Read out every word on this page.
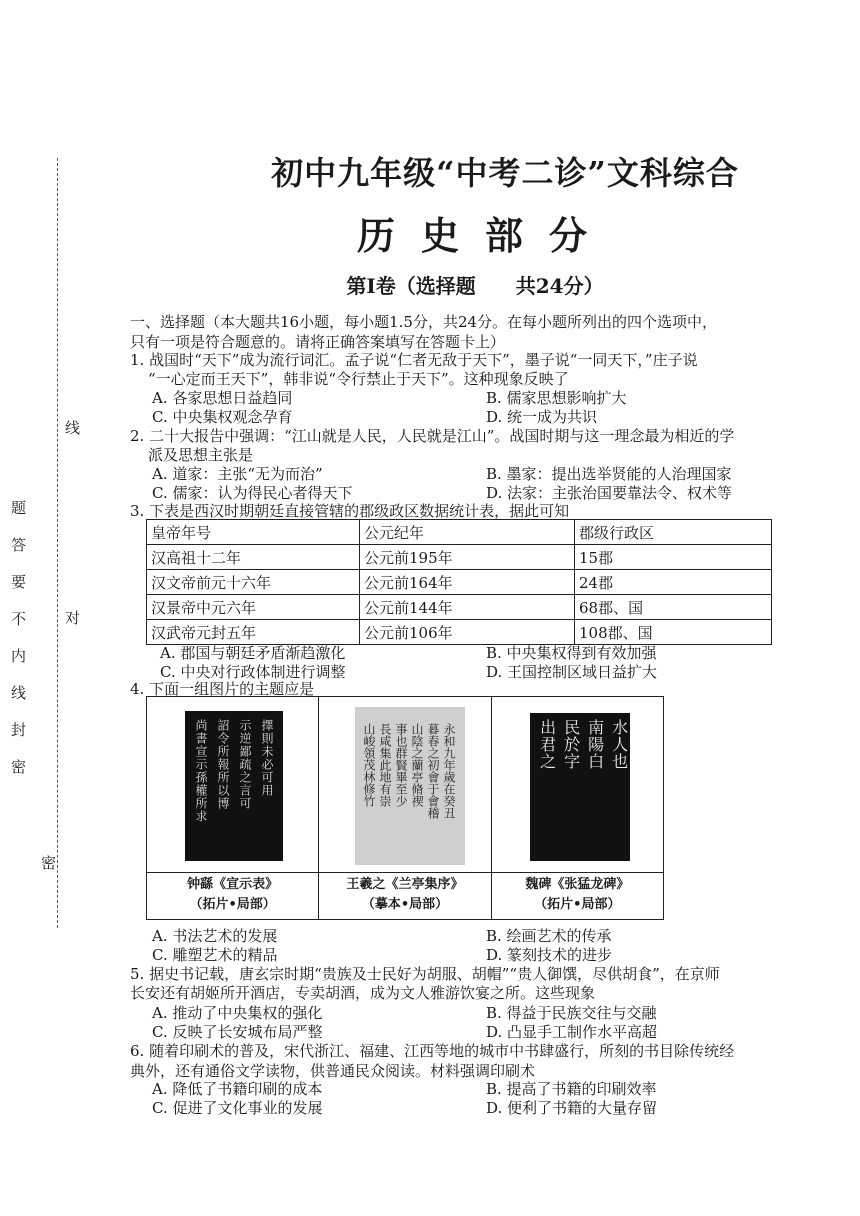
题答要不内线封密
线
对
密
初中九年级“中考二诊”文科综合
历史部分
第Ⅰ卷（选择题　　共24分）
一、选择题（本大题共16小题，每小题1.5分，共24分。在每小题所列出的四个选项中，
只有一项是符合题意的。请将正确答案填写在答题卡上）
1. 战国时“天下”成为流行词汇。孟子说“仁者无敌于天下”，墨子说“一同天下，”庄子说
“一心定而王天下”，韩非说“令行禁止于天下”。这种现象反映了
A. 各家思想日益趋同	B. 儒家思想影响扩大
C. 中央集权观念孕育	D. 统一成为共识
2. 二十大报告中强调：“江山就是人民，人民就是江山”。战国时期与这一理念最为相近的学
派及思想主张是
A. 道家：主张“无为而治”	B. 墨家：提出选举贤能的人治理国家
C. 儒家：认为得民心者得天下	D. 法家：主张治国要靠法令、权术等
3. 下表是西汉时期朝廷直接管辖的郡级政区数据统计表，据此可知
皇帝年号	公元纪年	郡级行政区
汉高祖十二年	公元前195年	15郡
汉文帝前元十六年	公元前164年	24郡
汉景帝中元六年	公元前144年	68郡、国
汉武帝元封五年	公元前106年	108郡、国
A. 郡国与朝廷矛盾渐趋激化	B. 中央集权得到有效加强
C. 中央对行政体制进行调整	D. 王国控制区域日益扩大
4. 下面一组图片的主题应是
尚書宣示孫權所求 詔令所報所以博 示逆鄙疏之言可 擇則未必可用
钟繇《宣示表》
（拓片•局部）
永和九年歲在癸丑
暮春之初會于會稽
山陰之蘭亭脩禊
事也群賢畢至少
長咸集此地有崇
山峻領茂林修竹
王羲之《兰亭集序》
（摹本•局部）
出君之 民於字 南陽白 水人也
魏碑《张猛龙碑》
（拓片•局部）
A. 书法艺术的发展	B. 绘画艺术的传承
C. 雕塑艺术的精品	D. 篆刻技术的进步
5. 据史书记载，唐玄宗时期“贵族及士民好为胡服、胡帽”“贵人御馔，尽供胡食”，在京师
长安还有胡姬所开酒店，专卖胡酒，成为文人雅游饮宴之所。这些现象
A. 推动了中央集权的强化	B. 得益于民族交往与交融
C. 反映了长安城布局严整	D. 凸显手工制作水平高超
6. 随着印刷术的普及，宋代浙江、福建、江西等地的城市中书肆盛行，所刻的书目除传统经
典外，还有通俗文学读物，供普通民众阅读。材料强调印刷术
A. 降低了书籍印刷的成本	B. 提高了书籍的印刷效率
C. 促进了文化事业的发展	D. 便利了书籍的大量存留
